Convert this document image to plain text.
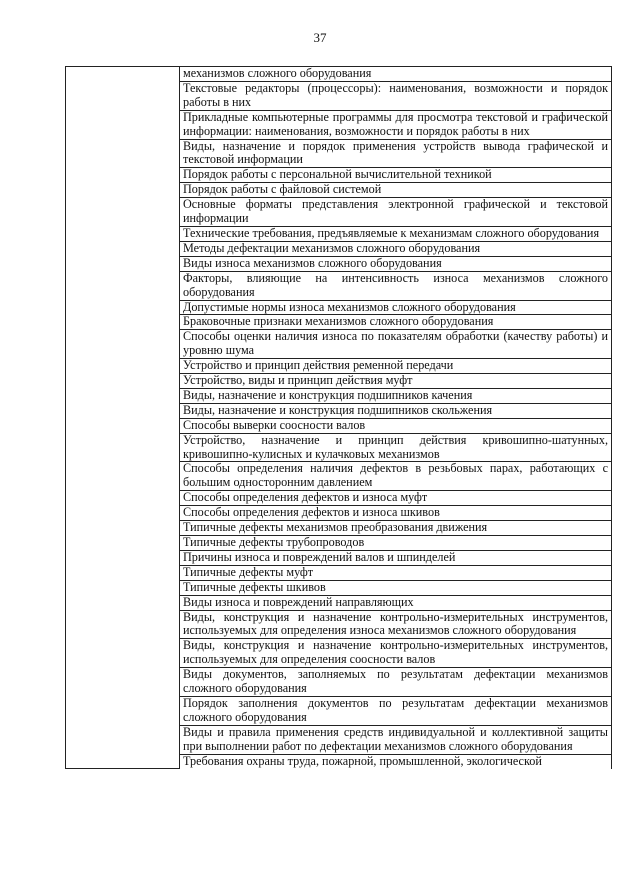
37
	механизмов сложного оборудования
Текстовые редакторы (процессоры): наименования, возможности и порядок работы в них
Прикладные компьютерные программы для просмотра текстовой и графической информации: наименования, возможности и порядок работы в них
Виды, назначение и порядок применения устройств вывода графической и текстовой информации
Порядок работы с персональной вычислительной техникой
Порядок работы с файловой системой
Основные форматы представления электронной графической и текстовой информации
Технические требования, предъявляемые к механизмам сложного оборудования
Методы дефектации механизмов сложного оборудования
Виды износа механизмов сложного оборудования
Факторы, влияющие на интенсивность износа механизмов сложного оборудования
Допустимые нормы износа механизмов сложного оборудования
Браковочные признаки механизмов сложного оборудования
Способы оценки наличия износа по показателям обработки (качеству работы) и уровню шума
Устройство и принцип действия ременной передачи
Устройство, виды и принцип действия муфт
Виды, назначение и конструкция подшипников качения
Виды, назначение и конструкция подшипников скольжения
Способы выверки соосности валов
Устройство, назначение и принцип действия кривошипно-шатунных, кривошипно-кулисных и кулачковых механизмов
Способы определения наличия дефектов в резьбовых парах, работающих с большим односторонним давлением
Способы определения дефектов и износа муфт
Способы определения дефектов и износа шкивов
Типичные дефекты механизмов преобразования движения
Типичные дефекты трубопроводов
Причины износа и повреждений валов и шпинделей
Типичные дефекты муфт
Типичные дефекты шкивов
Виды износа и повреждений направляющих
Виды, конструкция и назначение контрольно-измерительных инструментов, используемых для определения износа механизмов сложного оборудования
Виды, конструкция и назначение контрольно-измерительных инструментов, используемых для определения соосности валов
Виды документов, заполняемых по результатам дефектации механизмов сложного оборудования
Порядок заполнения документов по результатам дефектации механизмов сложного оборудования
Виды и правила применения средств индивидуальной и коллективной защиты при выполнении работ по дефектации механизмов сложного оборудования
Требования охраны труда, пожарной, промышленной, экологической
